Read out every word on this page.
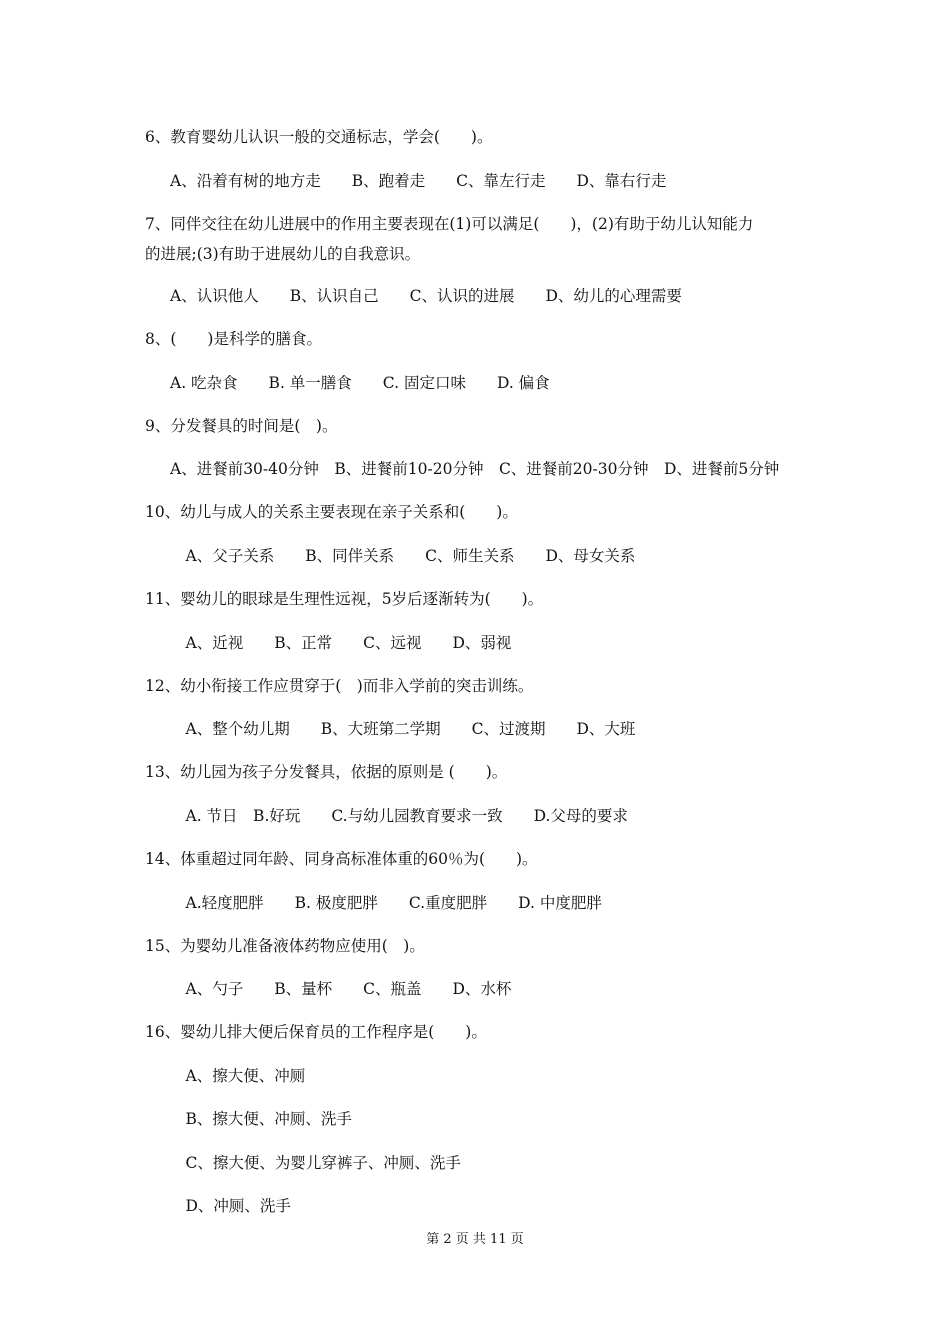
6、教育婴幼儿认识一般的交通标志，学会(　　)。
A、沿着有树的地方走　　B、跑着走　　C、靠左行走　　D、靠右行走
7、同伴交往在幼儿进展中的作用主要表现在(1)可以满足(　　)，(2)有助于幼儿认知能力
的进展;(3)有助于进展幼儿的自我意识。
A、认识他人　　B、认识自己　　C、认识的进展　　D、幼儿的心理需要
8、(　　)是科学的膳食。
A. 吃杂食　　B. 单一膳食　　C. 固定口味　　D. 偏食
9、分发餐具的时间是(　)。
A、进餐前30-40分钟　B、进餐前10-20分钟　C、进餐前20-30分钟　D、进餐前5分钟
10、幼儿与成人的关系主要表现在亲子关系和(　　)。
　A、父子关系　　B、同伴关系　　C、师生关系　　D、母女关系
11、婴幼儿的眼球是生理性远视，5岁后逐渐转为(　　)。
　A、近视　　B、正常　　C、远视　　D、弱视
12、幼小衔接工作应贯穿于(　)而非入学前的突击训练。
　A、整个幼儿期　　B、大班第二学期　　C、过渡期　　D、大班
13、幼儿园为孩子分发餐具，依据的原则是 (　　)。
　A. 节日　B.好玩　　C.与幼儿园教育要求一致　　D.父母的要求
14、体重超过同年龄、同身高标准体重的60％为(　　)。
　A.轻度肥胖　　B. 极度肥胖　　C.重度肥胖　　D. 中度肥胖
15、为婴幼儿准备液体药物应使用(　)。
　A、勺子　　B、量杯　　C、瓶盖　　D、水杯
16、婴幼儿排大便后保育员的工作程序是(　　)。
　A、擦大便、冲厕
　B、擦大便、冲厕、洗手
　C、擦大便、为婴儿穿裤子、冲厕、洗手
　D、冲厕、洗手
第 2 页 共 11 页
